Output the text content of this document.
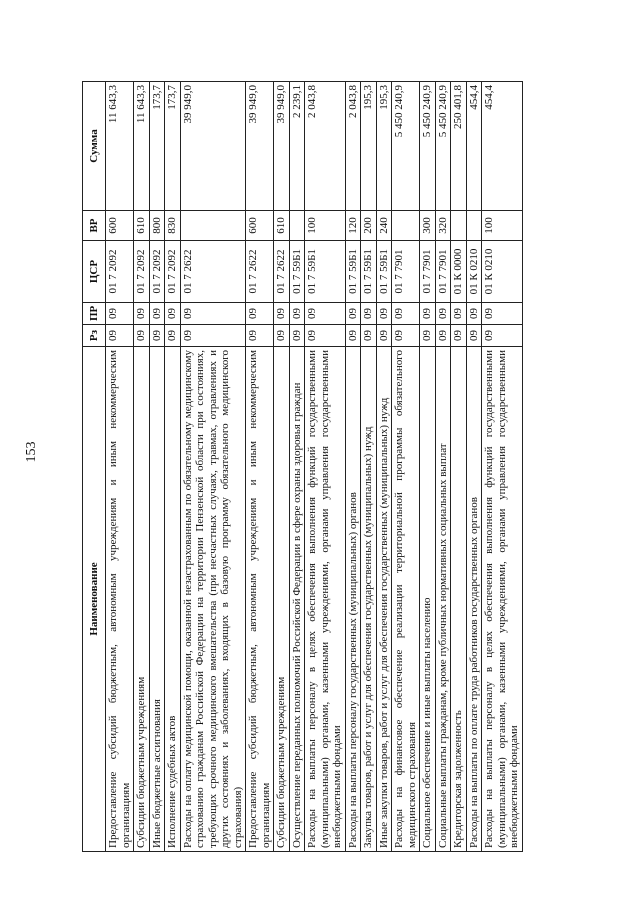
153
Наименование	Рз	ПР	ЦСР	ВР	Сумма
Предоставление субсидий бюджетным, автономным учреждениям и иным некоммерческим организациям	09	09	01 7 2092	600	11 643,3
Субсидии бюджетным учреждениям	09	09	01 7 2092	610	11 643,3
Иные бюджетные ассигнования	09	09	01 7 2092	800	173,7
Исполнение судебных актов	09	09	01 7 2092	830	173,7
Расходы на оплату медицинской помощи, оказанной незастрахованным по обязательному медицинскому страхованию гражданам Российской Федерации на территории Пензенской области при состояниях, требующих срочного медицинского вмешательства (при несчастных случаях, травмах, отравлениях и других состояниях и заболеваниях, входящих в базовую программу обязательного медицинского страхования)	09	09	01 7 2622		39 949,0
Предоставление субсидий бюджетным, автономным учреждениям и иным некоммерческим организациям	09	09	01 7 2622	600	39 949,0
Субсидии бюджетным учреждениям	09	09	01 7 2622	610	39 949,0
Осуществление переданных полномочий Российской Федерации в сфере охраны здоровья граждан	09	09	01 7 59Б1		2 239,1
Расходы на выплаты персоналу в целях обеспечения выполнения функций государственными (муниципальными) органами, казенными учреждениями, органами управления государственными внебюджетными фондами	09	09	01 7 59Б1	100	2 043,8
Расходы на выплаты персоналу государственных (муниципальных) органов	09	09	01 7 59Б1	120	2 043,8
Закупка товаров, работ и услуг для обеспечения государственных (муниципальных) нужд	09	09	01 7 59Б1	200	195,3
Иные закупки товаров, работ и услуг для обеспечения государственных (муниципальных) нужд	09	09	01 7 59Б1	240	195,3
Расходы на финансовое обеспечение реализации территориальной программы обязательного медицинского страхования	09	09	01 7 7901		5 450 240,9
Социальное обеспечение и иные выплаты населению	09	09	01 7 7901	300	5 450 240,9
Социальные выплаты гражданам, кроме публичных нормативных социальных выплат	09	09	01 7 7901	320	5 450 240,9
Кредиторская задолженность	09	09	01 К 0000		250 401,8
Расходы на выплаты по оплате труда работников государственных органов	09	09	01 К 0210		454,4
Расходы на выплаты персоналу в целях обеспечения выполнения функций государственными (муниципальными) органами, казенными учреждениями, органами управления государственными внебюджетными фондами	09	09	01 К 0210	100	454,4
